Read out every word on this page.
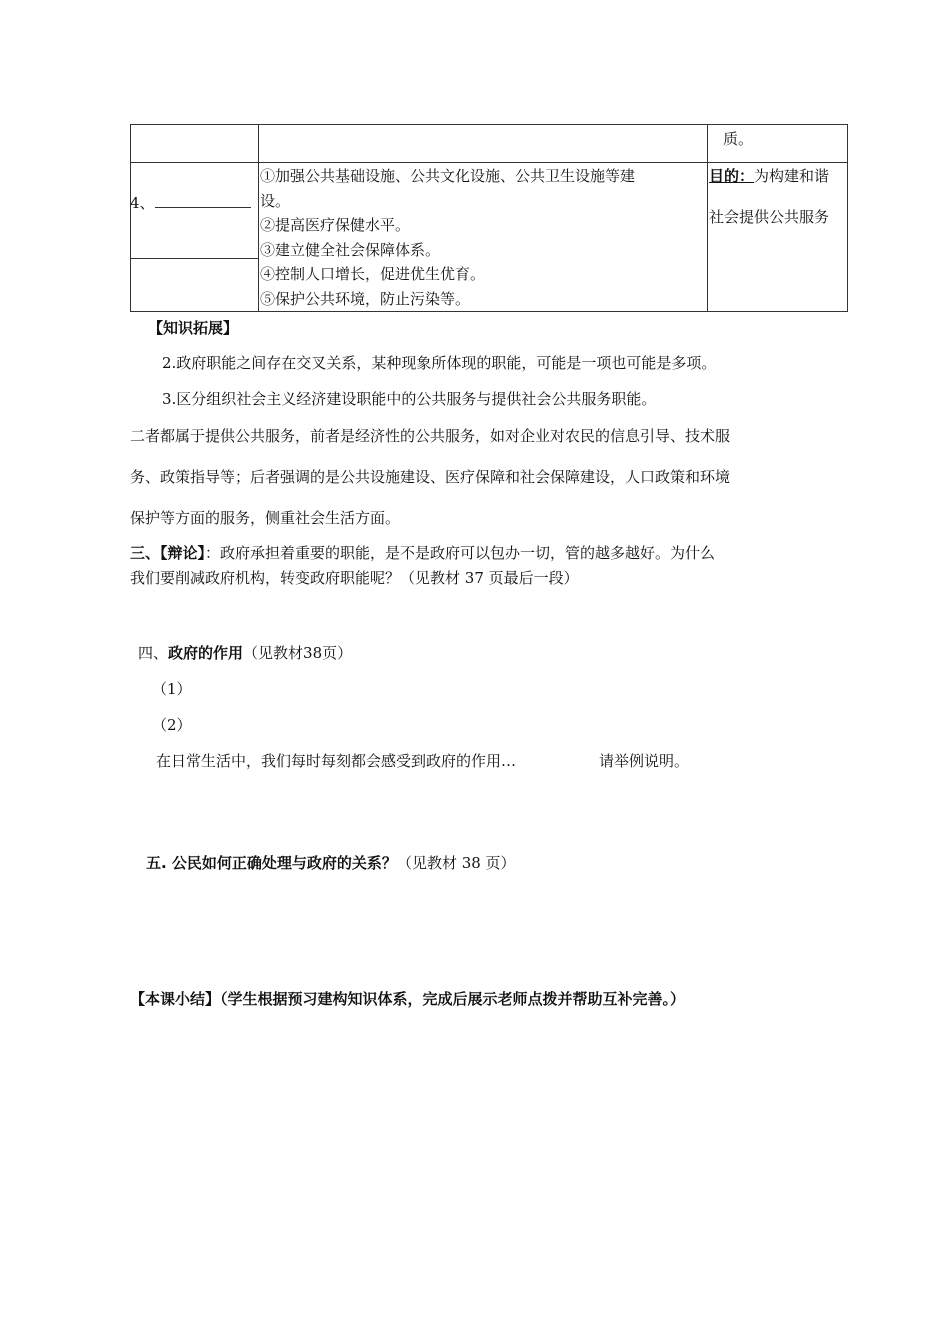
质。
4、
①加强公共基础设施、公共文化设施、公共卫生设施等建
设。
②提高医疗保健水平。
③建立健全社会保障体系。
④控制人口增长，促进优生优育。
⑤保护公共环境，防止污染等。
目的：为构建和谐
社会提供公共服务
【知识拓展】
2.政府职能之间存在交叉关系，某种现象所体现的职能，可能是一项也可能是多项。
3.区分组织社会主义经济建设职能中的公共服务与提供社会公共服务职能。
二者都属于提供公共服务，前者是经济性的公共服务，如对企业对农民的信息引导、技术服
务、政策指导等；后者强调的是公共设施建设、医疗保障和社会保障建设，人口政策和环境
保护等方面的服务，侧重社会生活方面。
三、【辩论】：政府承担着重要的职能，是不是政府可以包办一切，管的越多越好。为什么
我们要削减政府机构，转变政府职能呢？（见教材 37 页最后一段）
四、政府的作用（见教材38页）
（1）
（2）
在日常生活中，我们每时每刻都会感受到政府的作用…	请举例说明。
五. 公民如何正确处理与政府的关系？（见教材 38 页）
【本课小结】（学生根据预习建构知识体系，完成后展示老师点拨并帮助互补完善。）
